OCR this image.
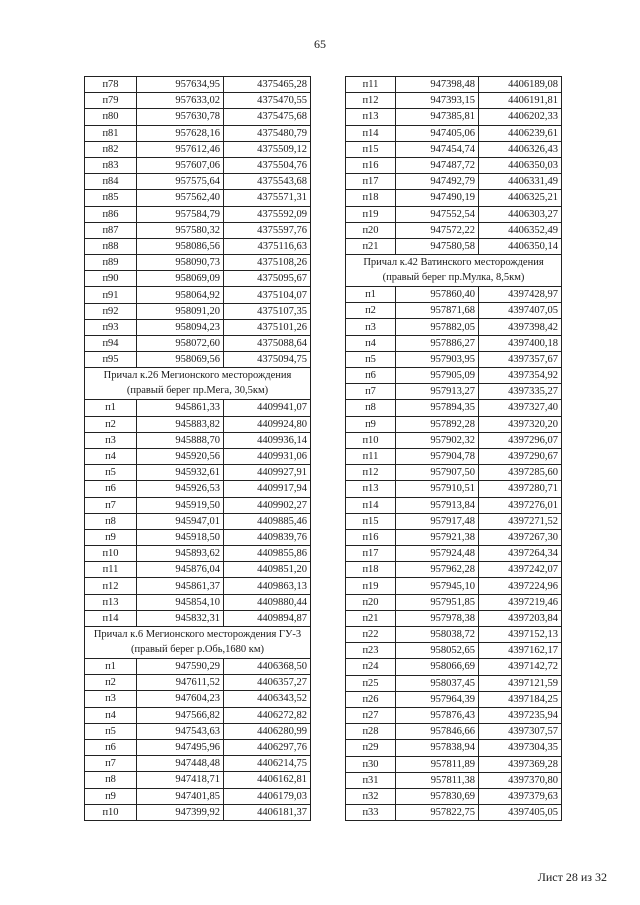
65
п78	957634,95	4375465,28
п79	957633,02	4375470,55
п80	957630,78	4375475,68
п81	957628,16	4375480,79
п82	957612,46	4375509,12
п83	957607,06	4375504,76
п84	957575,64	4375543,68
п85	957562,40	4375571,31
п86	957584,79	4375592,09
п87	957580,32	4375597,76
п88	958086,56	4375116,63
п89	958090,73	4375108,26
п90	958069,09	4375095,67
п91	958064,92	4375104,07
п92	958091,20	4375107,35
п93	958094,23	4375101,26
п94	958072,60	4375088,64
п95	958069,56	4375094,75
Причал к.26 Мегионского месторождения (правый берег пр.Мега, 30,5км)		
п1	945861,33	4409941,07
п2	945883,82	4409924,80
п3	945888,70	4409936,14
п4	945920,56	4409931,06
п5	945932,61	4409927,91
п6	945926,53	4409917,94
п7	945919,50	4409902,27
п8	945947,01	4409885,46
п9	945918,50	4409839,76
п10	945893,62	4409855,86
п11	945876,04	4409851,20
п12	945861,37	4409863,13
п13	945854,10	4409880,44
п14	945832,31	4409894,87
Причал к.6 Мегионского месторождения ГУ-3 (правый берег р.Обь,1680 км)		
п1	947590,29	4406368,50
п2	947611,52	4406357,27
п3	947604,23	4406343,52
п4	947566,82	4406272,82
п5	947543,63	4406280,99
п6	947495,96	4406297,76
п7	947448,48	4406214,75
п8	947418,71	4406162,81
п9	947401,85	4406179,03
п10	947399,92	4406181,37
п11	947398,48	4406189,08
п12	947393,15	4406191,81
п13	947385,81	4406202,33
п14	947405,06	4406239,61
п15	947454,74	4406326,43
п16	947487,72	4406350,03
п17	947492,79	4406331,49
п18	947490,19	4406325,21
п19	947552,54	4406303,27
п20	947572,22	4406352,49
п21	947580,58	4406350,14
Причал к.42 Ватинского месторождения (правый берег пр.Мулка, 8,5км)		
п1	957860,40	4397428,97
п2	957871,68	4397407,05
п3	957882,05	4397398,42
п4	957886,27	4397400,18
п5	957903,95	4397357,67
п6	957905,09	4397354,92
п7	957913,27	4397335,27
п8	957894,35	4397327,40
п9	957892,28	4397320,20
п10	957902,32	4397296,07
п11	957904,78	4397290,67
п12	957907,50	4397285,60
п13	957910,51	4397280,71
п14	957913,84	4397276,01
п15	957917,48	4397271,52
п16	957921,38	4397267,30
п17	957924,48	4397264,34
п18	957962,28	4397242,07
п19	957945,10	4397224,96
п20	957951,85	4397219,46
п21	957978,38	4397203,84
п22	958038,72	4397152,13
п23	958052,65	4397162,17
п24	958066,69	4397142,72
п25	958037,45	4397121,59
п26	957964,39	4397184,25
п27	957876,43	4397235,94
п28	957846,66	4397307,57
п29	957838,94	4397304,35
п30	957811,89	4397369,28
п31	957811,38	4397370,80
п32	957830,69	4397379,63
п33	957822,75	4397405,05
Лист 28 из 32
